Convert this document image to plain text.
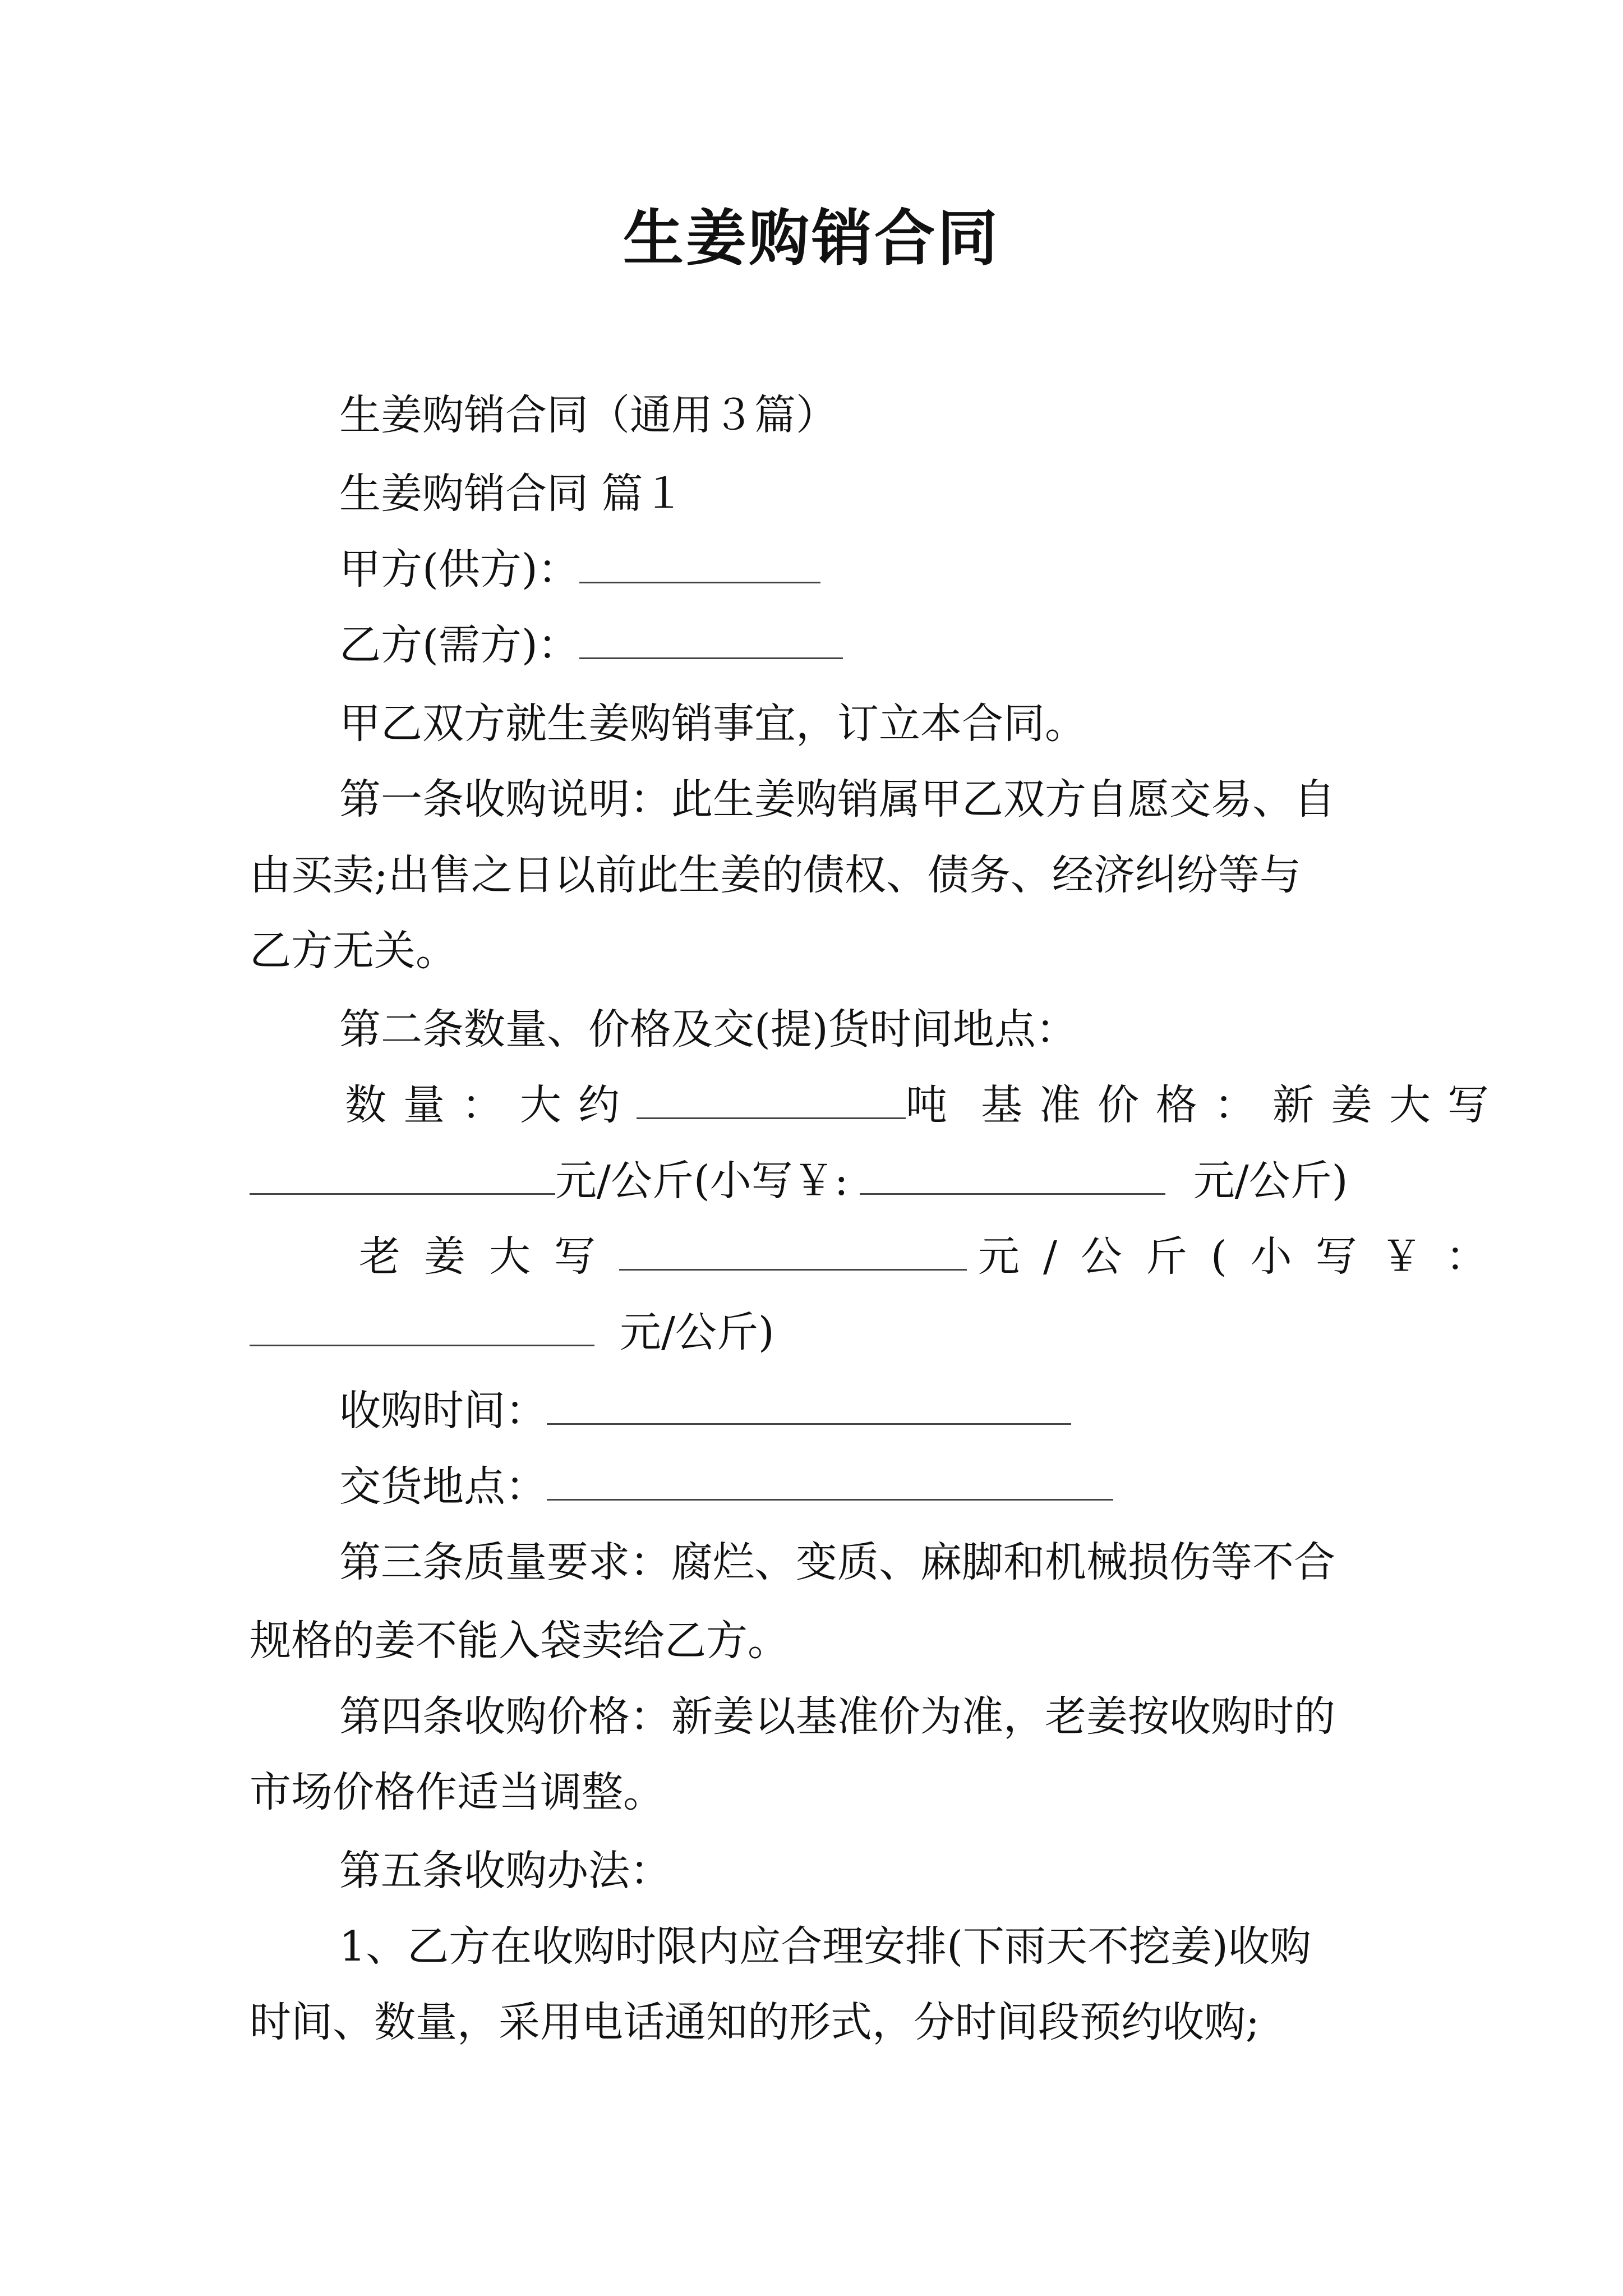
生姜购销合同
生姜购销合同（通用３篇）
生姜购销合同 篇１
甲方(供方)：
乙方(需方)：
甲乙双方就生姜购销事宜，订立本合同。
第一条收购说明：此生姜购销属甲乙双方自愿交易、自
由买卖;出售之日以前此生姜的债权、债务、经济纠纷等与
乙方无关。
第二条数量、价格及交(提)货时间地点：
数量：大约	吨 基准价格：新姜大写
元/公斤(小写￥:	元/公斤)
老姜大写	元/公斤(小写￥：
元/公斤)
收购时间：
交货地点：
第三条质量要求：腐烂、变质、麻脚和机械损伤等不合
规格的姜不能入袋卖给乙方。
第四条收购价格：新姜以基准价为准，老姜按收购时的
市场价格作适当调整。
第五条收购办法：
1、乙方在收购时限内应合理安排(下雨天不挖姜)收购
时间、数量，采用电话通知的形式，分时间段预约收购;
